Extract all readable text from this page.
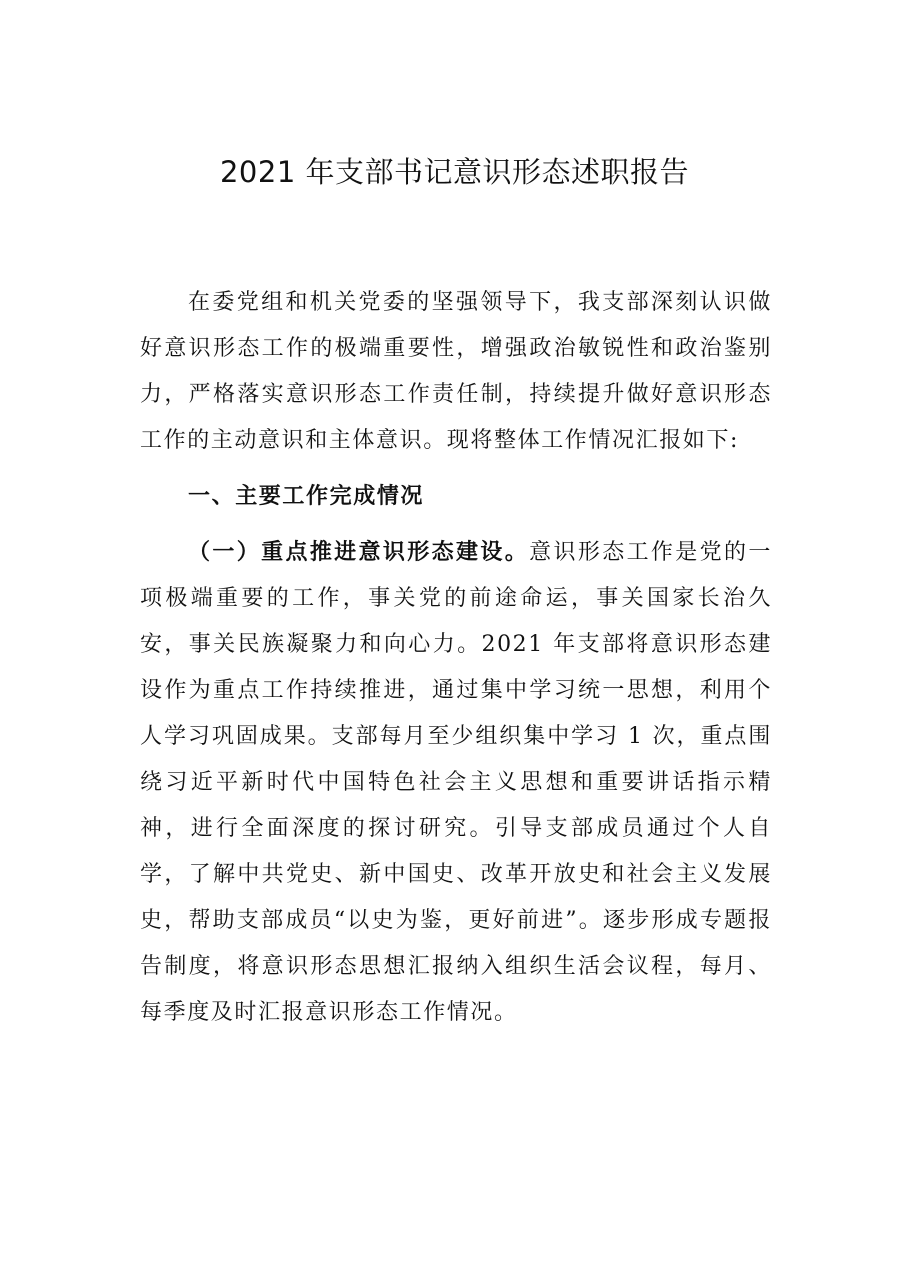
2021 年支部书记意识形态述职报告

在委党组和机关党委的坚强领导下，我支部深刻认识做好意识形态工作的极端重要性，增强政治敏锐性和政治鉴别力，严格落实意识形态工作责任制，持续提升做好意识形态工作的主动意识和主体意识。现将整体工作情况汇报如下:

一、主要工作完成情况

（一）重点推进意识形态建设。意识形态工作是党的一项极端重要的工作，事关党的前途命运，事关国家长治久安，事关民族凝聚力和向心力。2021 年支部将意识形态建设作为重点工作持续推进，通过集中学习统一思想，利用个人学习巩固成果。支部每月至少组织集中学习 1 次，重点围绕习近平新时代中国特色社会主义思想和重要讲话指示精神，进行全面深度的探讨研究。引导支部成员通过个人自学，了解中共党史、新中国史、改革开放史和社会主义发展史，帮助支部成员“以史为鉴，更好前进”。逐步形成专题报告制度，将意识形态思想汇报纳入组织生活会议程，每月、每季度及时汇报意识形态工作情况。
